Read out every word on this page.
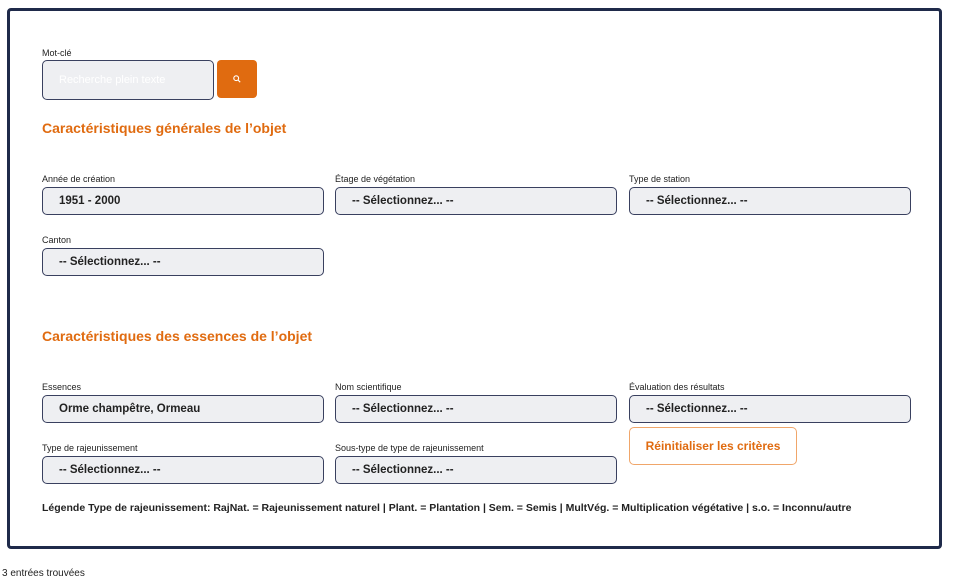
Mot-clé
Recherche plein texte
Caractéristiques générales de l’objet
Année de création
1951 - 2000
Étage de végétation
-- Sélectionnez... --
Type de station
-- Sélectionnez... --
Canton
-- Sélectionnez... --
Caractéristiques des essences de l’objet
Essences
Orme champêtre, Ormeau
Nom scientifique
-- Sélectionnez... --
Évaluation des résultats
-- Sélectionnez... --
Type de rajeunissement
-- Sélectionnez... --
Sous-type de type de rajeunissement
-- Sélectionnez... --
Réinitialiser les critères
Légende Type de rajeunissement: RajNat. = Rajeunissement naturel | Plant. = Plantation | Sem. = Semis | MultVég. = Multiplication végétative | s.o. = Inconnu/autre
3 entrées trouvées
